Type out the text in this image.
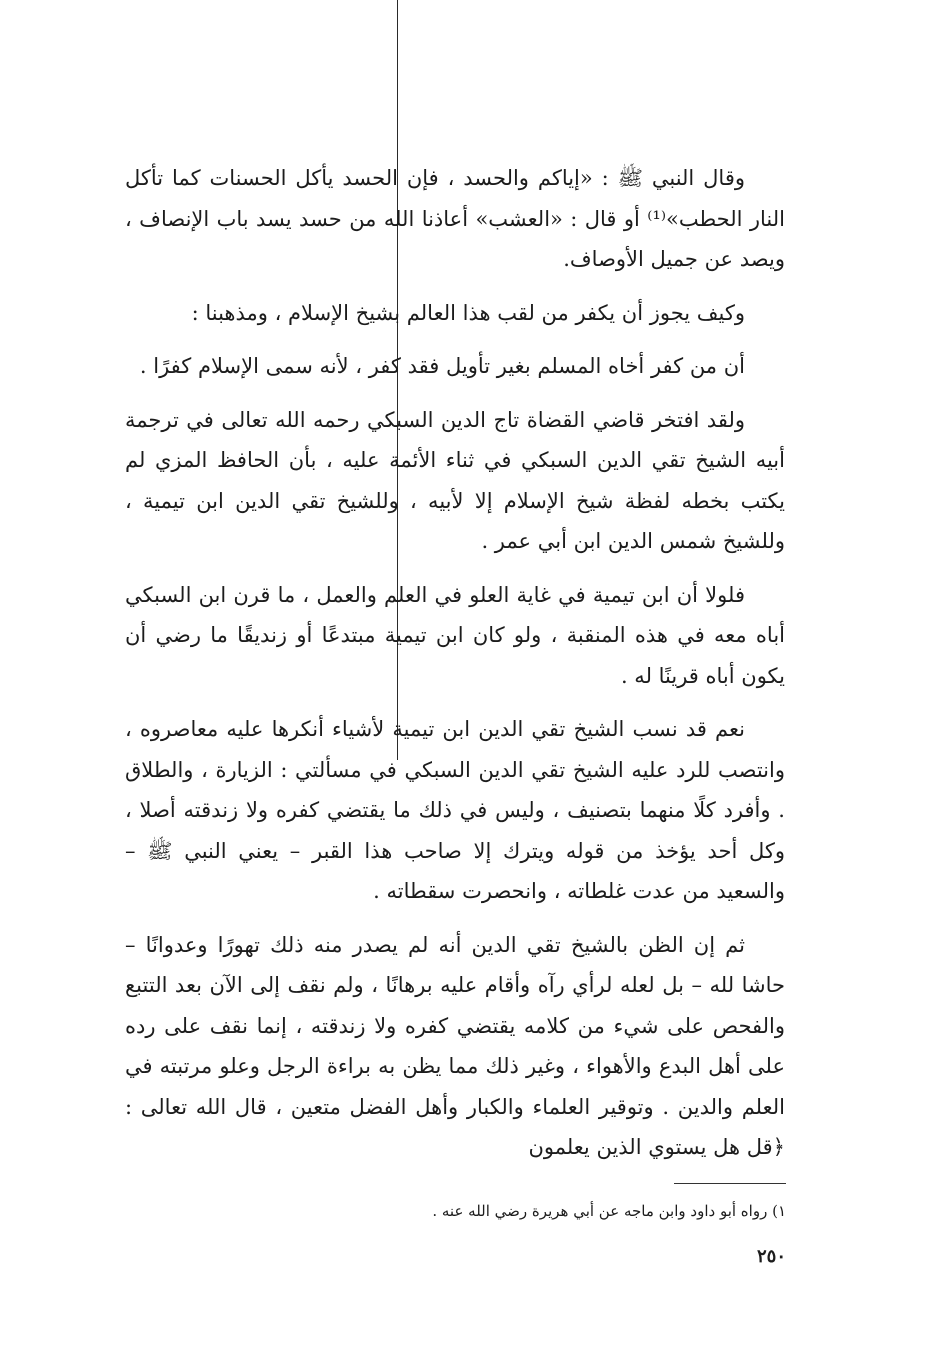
وقال النبي ﷺ : «إياكم والحسد ، فإن الحسد يأكل الحسنات كما تأكل النار الحطب»⁽¹⁾ أو قال : «العشب» أعاذنا الله من حسد يسد باب الإنصاف ، ويصد عن جميل الأوصاف.

وكيف يجوز أن يكفر من لقب هذا العالم بشيخ الإسلام ، ومذهبنا :

أن من كفر أخاه المسلم بغير تأويل فقد كفر ، لأنه سمى الإسلام كفرًا .

ولقد افتخر قاضي القضاة تاج الدين السبكي رحمه الله تعالى في ترجمة أبيه الشيخ تقي الدين السبكي في ثناء الأئمة عليه ، بأن الحافظ المزي لم يكتب بخطه لفظة شيخ الإسلام إلا لأبيه ، وللشيخ تقي الدين ابن تيمية ، وللشيخ شمس الدين ابن أبي عمر .

فلولا أن ابن تيمية في غاية العلو في العلم والعمل ، ما قرن ابن السبكي أباه معه في هذه المنقبة ، ولو كان ابن تيمية مبتدعًا أو زنديقًا ما رضي أن يكون أباه قرينًا له .

نعم قد نسب الشيخ تقي الدين ابن تيمية لأشياء أنكرها عليه معاصروه ، وانتصب للرد عليه الشيخ تقي الدين السبكي في مسألتي : الزيارة ، والطلاق . وأفرد كلًا منهما بتصنيف ، وليس في ذلك ما يقتضي كفره ولا زندقته أصلا ، وكل أحد يؤخذ من قوله ويترك إلا صاحب هذا القبر – يعني النبي ﷺ – والسعيد من عدت غلطاته ، وانحصرت سقطاته .

ثم إن الظن بالشيخ تقي الدين أنه لم يصدر منه ذلك تهورًا وعدوانًا – حاشا لله – بل لعله لرأي رآه وأقام عليه برهانًا ، ولم نقف إلى الآن بعد التتبع والفحص على شيء من كلامه يقتضي كفره ولا زندقته ، إنما نقف على رده على أهل البدع والأهواء ، وغير ذلك مما يظن به براءة الرجل وعلو مرتبته في العلم والدين . وتوقير العلماء والكبار وأهل الفضل متعين ، قال الله تعالى : ﴿قل هل يستوي الذين يعلمون

١) رواه أبو داود وابن ماجه عن أبي هريرة رضي الله عنه .
٢٥٠
